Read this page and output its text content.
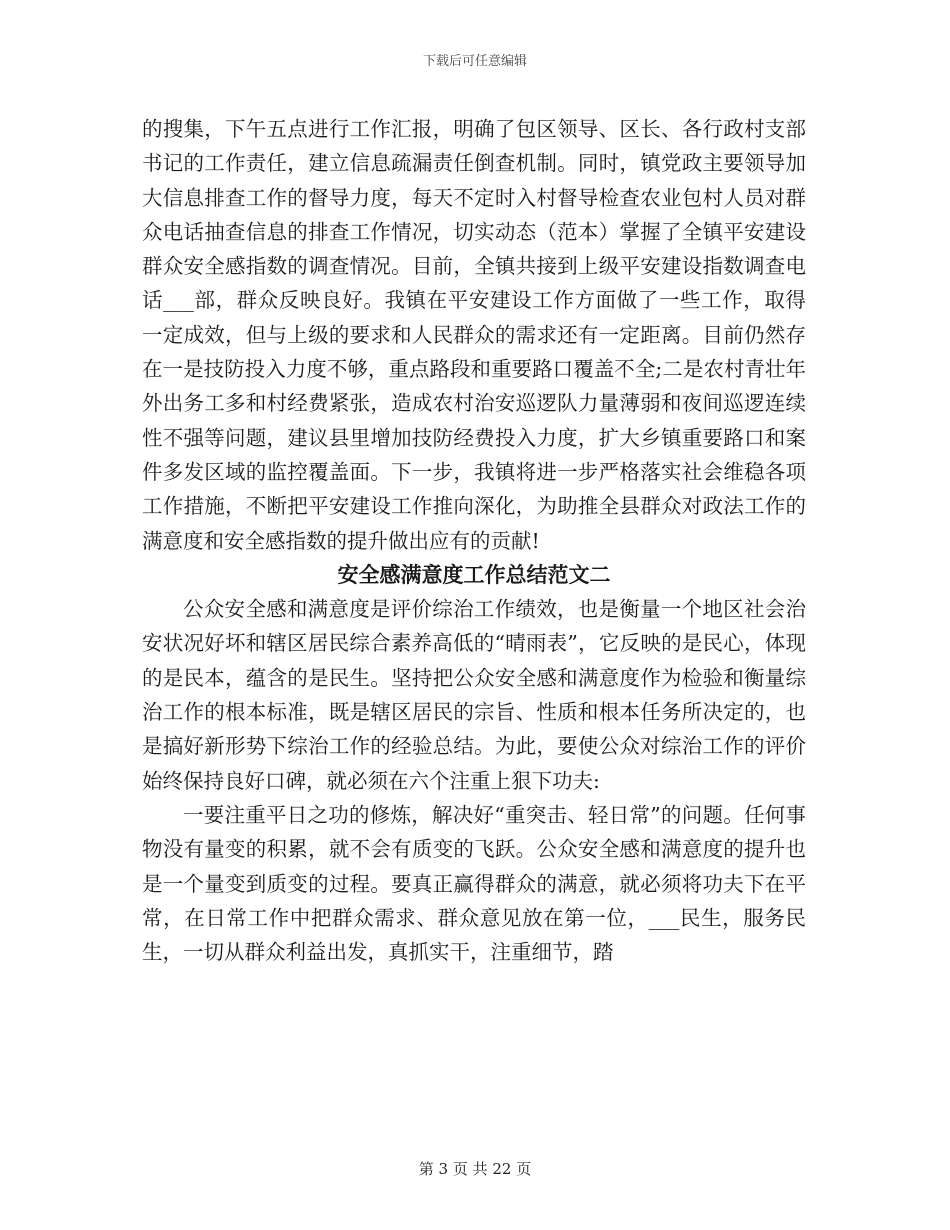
下载后可任意编辑

的搜集，下午五点进行工作汇报，明确了包区领导、区长、各行政村支部书记的工作责任，建立信息疏漏责任倒查机制。同时，镇党政主要领导加大信息排查工作的督导力度，每天不定时入村督导检查农业包村人员对群众电话抽查信息的排查工作情况，切实动态（范本）掌握了全镇平安建设群众安全感指数的调查情况。目前，全镇共接到上级平安建设指数调查电话___部，群众反映良好。我镇在平安建设工作方面做了一些工作，取得一定成效，但与上级的要求和人民群众的需求还有一定距离。目前仍然存在一是技防投入力度不够，重点路段和重要路口覆盖不全;二是农村青壮年外出务工多和村经费紧张，造成农村治安巡逻队力量薄弱和夜间巡逻连续性不强等问题，建议县里增加技防经费投入力度，扩大乡镇重要路口和案件多发区域的监控覆盖面。下一步，我镇将进一步严格落实社会维稳各项工作措施，不断把平安建设工作推向深化，为助推全县群众对政法工作的满意度和安全感指数的提升做出应有的贡献!

安全感满意度工作总结范文二

公众安全感和满意度是评价综治工作绩效，也是衡量一个地区社会治安状况好坏和辖区居民综合素养高低的“晴雨表”，它反映的是民心，体现的是民本，蕴含的是民生。坚持把公众安全感和满意度作为检验和衡量综治工作的根本标准，既是辖区居民的宗旨、性质和根本任务所决定的，也是搞好新形势下综治工作的经验总结。为此，要使公众对综治工作的评价始终保持良好口碑，就必须在六个注重上狠下功夫:

一要注重平日之功的修炼，解决好“重突击、轻日常”的问题。任何事物没有量变的积累，就不会有质变的飞跃。公众安全感和满意度的提升也是一个量变到质变的过程。要真正赢得群众的满意，就必须将功夫下在平常，在日常工作中把群众需求、群众意见放在第一位，___民生，服务民生，一切从群众利益出发，真抓实干，注重细节，踏

第 3 页 共 22 页
